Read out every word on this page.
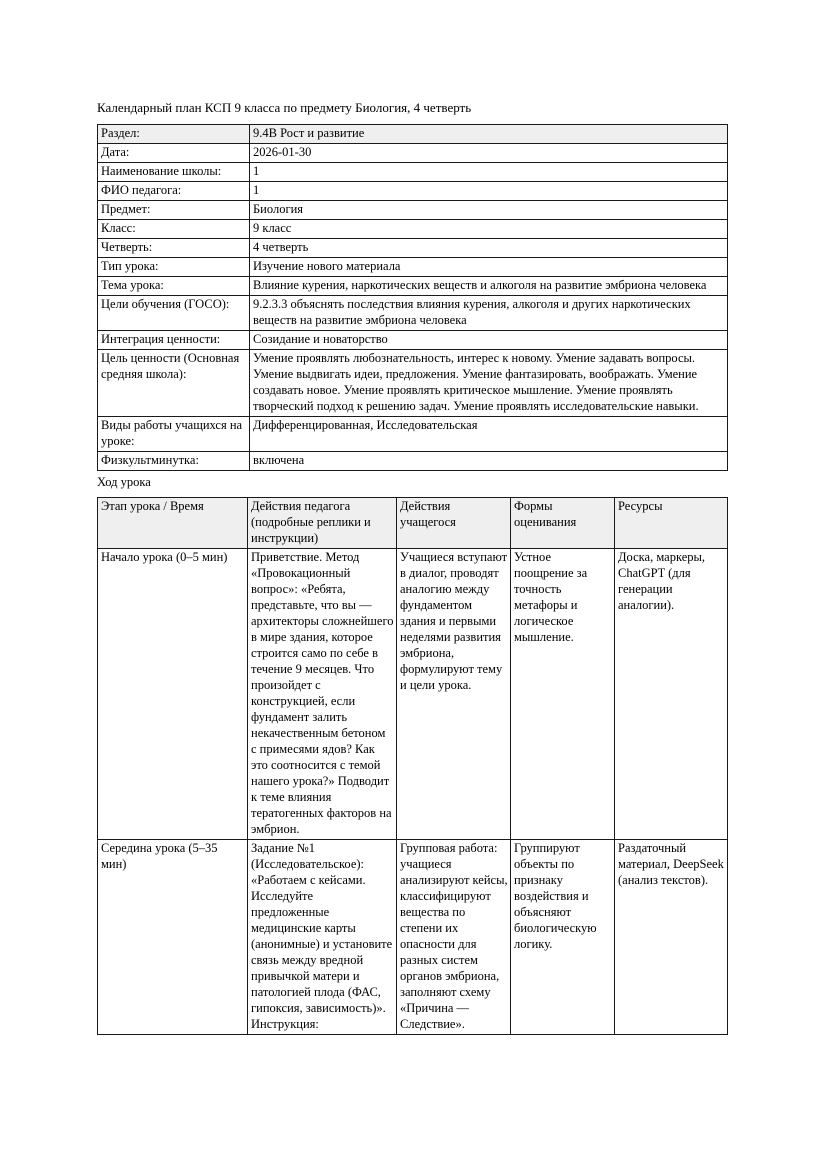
Календарный план КСП 9 класса по предмету Биология, 4 четверть

Раздел:	9.4В Рост и развитие
Дата:	2026-01-30
Наименование школы:	1
ФИО педагога:	1
Предмет:	Биология
Класс:	9 класс
Четверть:	4 четверть
Тип урока:	Изучение нового материала
Тема урока:	Влияние курения, наркотических веществ и алкоголя на развитие эмбриона человека
Цели обучения (ГОСО):	9.2.3.3 объяснять последствия влияния курения, алкоголя и других наркотических веществ на развитие эмбриона человека
Интеграция ценности:	Созидание и новаторство
Цель ценности (Основная средняя школа):	Умение проявлять любознательность, интерес к новому. Умение задавать вопросы. Умение выдвигать идеи, предложения. Умение фантазировать, воображать. Умение создавать новое. Умение проявлять критическое мышление. Умение проявлять творческий подход к решению задач. Умение проявлять исследовательские навыки.
Виды работы учащихся на уроке:	Дифференцированная, Исследовательская
Физкультминутка:	включена

Ход урока

Этап урока / Время	Действия педагога (подробные реплики и инструкции)	Действия учащегося	Формы оценивания	Ресурсы
Начало урока (0–5 мин)	Приветствие. Метод «Провокационный вопрос»: «Ребята, представьте, что вы — архитекторы сложнейшего в мире здания, которое строится само по себе в течение 9 месяцев. Что произойдет с конструкцией, если фундамент залить некачественным бетоном с примесями ядов? Как это соотносится с темой нашего урока?» Подводит к теме влияния тератогенных факторов на эмбрион.	Учащиеся вступают в диалог, проводят аналогию между фундаментом здания и первыми неделями развития эмбриона, формулируют тему и цели урока.	Устное поощрение за точность метафоры и логическое мышление.	Доска, маркеры, ChatGPT (для генерации аналогии).
Середина урока (5–35 мин)	Задание №1 (Исследовательское): «Работаем с кейсами. Исследуйте предложенные медицинские карты (анонимные) и установите связь между вредной привычкой матери и патологией плода (ФАС, гипоксия, зависимость)». Инструкция:	Групповая работа: учащиеся анализируют кейсы, классифицируют вещества по степени их опасности для разных систем органов эмбриона, заполняют схему «Причина — Следствие».	Группируют объекты по признаку воздействия и объясняют биологическую логику.	Раздаточный материал, DeepSeek (анализ текстов).
